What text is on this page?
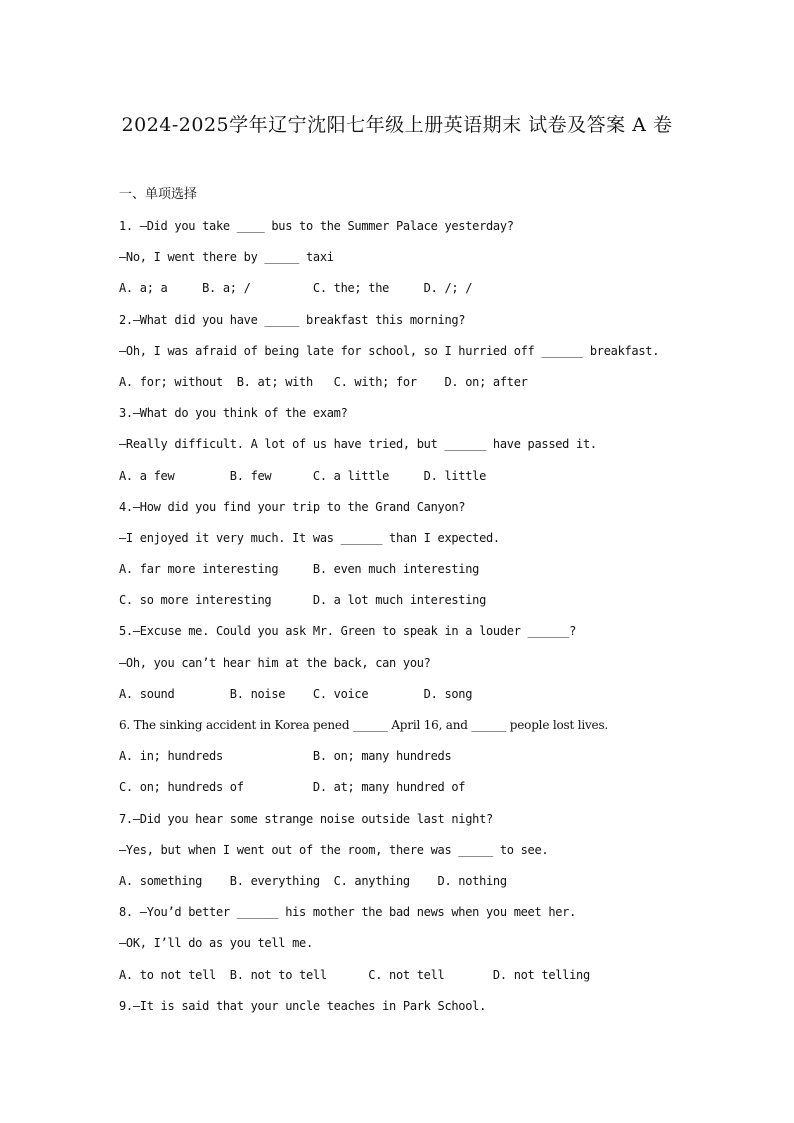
2024-2025学年辽宁沈阳七年级上册英语期末 试卷及答案 A 卷
一、单项选择
1. —Did you take ____ bus to the Summer Palace yesterday?
—No, I went there by _____ taxi
A. a; a     B. a; /         C. the; the     D. /; /
2.—What did you have _____ breakfast this morning?
—Oh, I was afraid of being late for school, so I hurried off ______ breakfast.
A. for; without  B. at; with   C. with; for    D. on; after
3.—What do you think of the exam?
—Really difficult. A lot of us have tried, but ______ have passed it.
A. a few        B. few      C. a little     D. little
4.—How did you find your trip to the Grand Canyon?
—I enjoyed it very much. It was ______ than I expected.
A. far more interesting     B. even much interesting
C. so more interesting      D. a lot much interesting
5.—Excuse me. Could you ask Mr. Green to speak in a louder ______?
—Oh, you can’t hear him at the back, can you?
A. sound        B. noise    C. voice        D. song
6. The sinking accident in Korea pened ______ April 16, and ______ people lost lives.
A. in; hundreds             B. on; many hundreds
C. on; hundreds of          D. at; many hundred of
7.—Did you hear some strange noise outside last night?
—Yes, but when I went out of the room, there was _____ to see.
A. something    B. everything  C. anything    D. nothing
8. —You’d better ______ his mother the bad news when you meet her.
—OK, I’ll do as you tell me.
A. to not tell  B. not to tell      C. not tell       D. not telling
9.—It is said that your uncle teaches in Park School.
